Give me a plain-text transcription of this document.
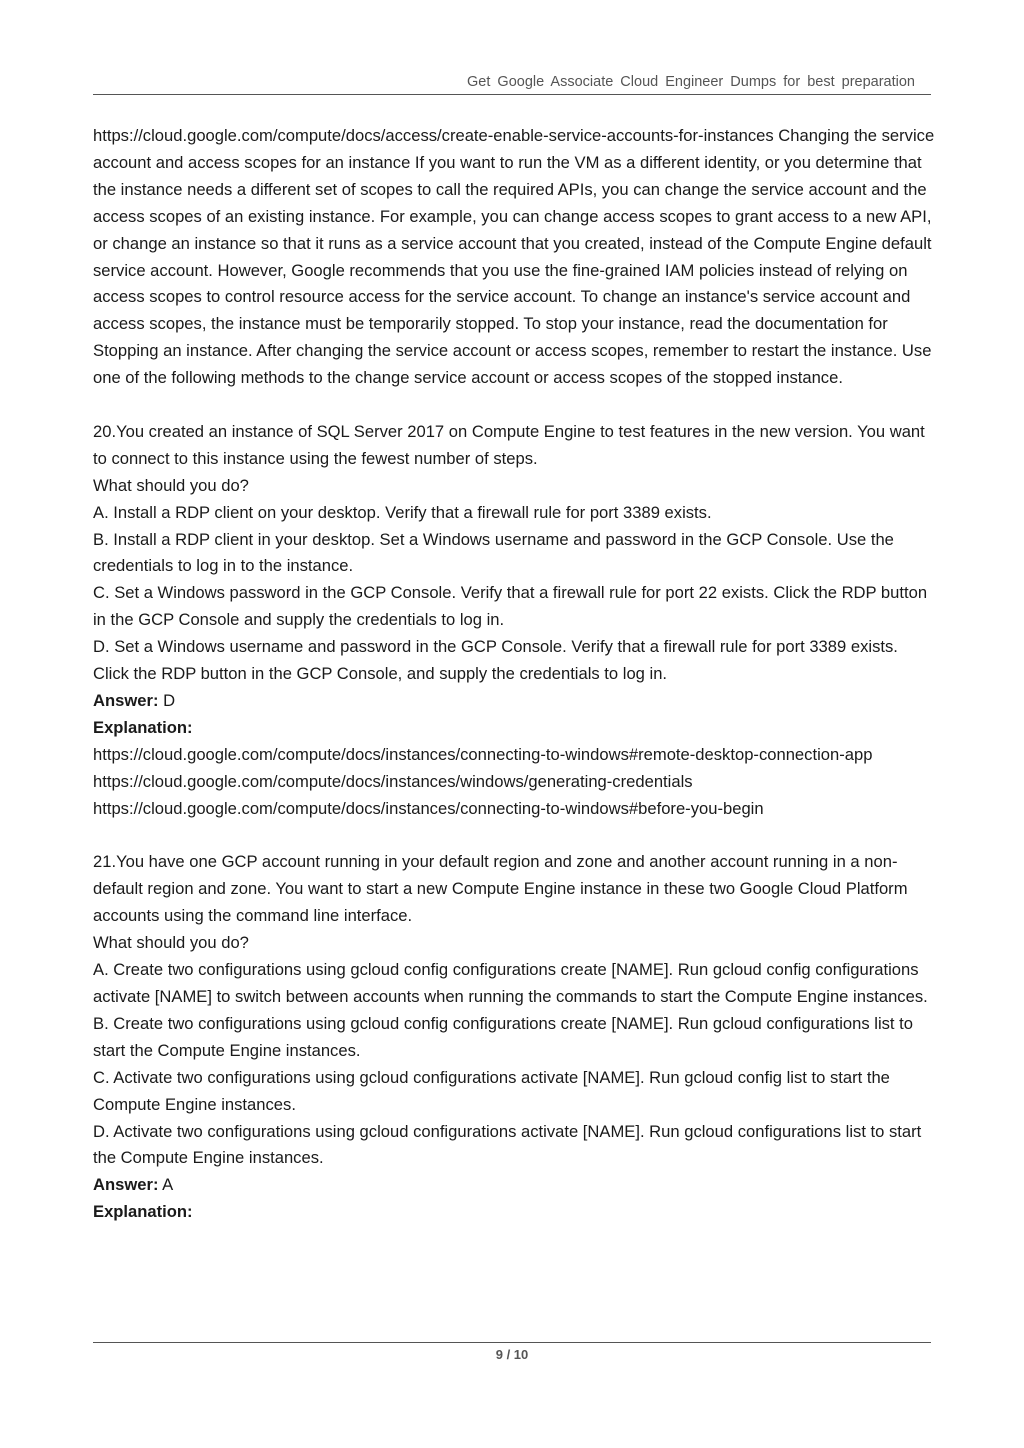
Get Google Associate Cloud Engineer Dumps for best preparation

https://cloud.google.com/compute/docs/access/create-enable-service-accounts-for-instances Changing the service account and access scopes for an instance If you want to run the VM as a different identity, or you determine that the instance needs a different set of scopes to call the required APIs, you can change the service account and the access scopes of an existing instance. For example, you can change access scopes to grant access to a new API, or change an instance so that it runs as a service account that you created, instead of the Compute Engine default service account. However, Google recommends that you use the fine-grained IAM policies instead of relying on access scopes to control resource access for the service account. To change an instance's service account and access scopes, the instance must be temporarily stopped. To stop your instance, read the documentation for Stopping an instance. After changing the service account or access scopes, remember to restart the instance. Use one of the following methods to the change service account or access scopes of the stopped instance.

20.You created an instance of SQL Server 2017 on Compute Engine to test features in the new version. You want to connect to this instance using the fewest number of steps.

What should you do?

A. Install a RDP client on your desktop. Verify that a firewall rule for port 3389 exists.

B. Install a RDP client in your desktop. Set a Windows username and password in the GCP Console. Use the credentials to log in to the instance.

C. Set a Windows password in the GCP Console. Verify that a firewall rule for port 22 exists. Click the RDP button in the GCP Console and supply the credentials to log in.

D. Set a Windows username and password in the GCP Console. Verify that a firewall rule for port 3389 exists. Click the RDP button in the GCP Console, and supply the credentials to log in.

Answer: D

Explanation:

https://cloud.google.com/compute/docs/instances/connecting-to-windows#remote-desktop-connection-app

https://cloud.google.com/compute/docs/instances/windows/generating-credentials

https://cloud.google.com/compute/docs/instances/connecting-to-windows#before-you-begin

21.You have one GCP account running in your default region and zone and another account running in a non-default region and zone. You want to start a new Compute Engine instance in these two Google Cloud Platform accounts using the command line interface.

What should you do?

A. Create two configurations using gcloud config configurations create [NAME]. Run gcloud config configurations activate [NAME] to switch between accounts when running the commands to start the Compute Engine instances.

B. Create two configurations using gcloud config configurations create [NAME]. Run gcloud configurations list to start the Compute Engine instances.

C. Activate two configurations using gcloud configurations activate [NAME]. Run gcloud config list to start the Compute Engine instances.

D. Activate two configurations using gcloud configurations activate [NAME]. Run gcloud configurations list to start the Compute Engine instances.

Answer: A

Explanation:

9 / 10
